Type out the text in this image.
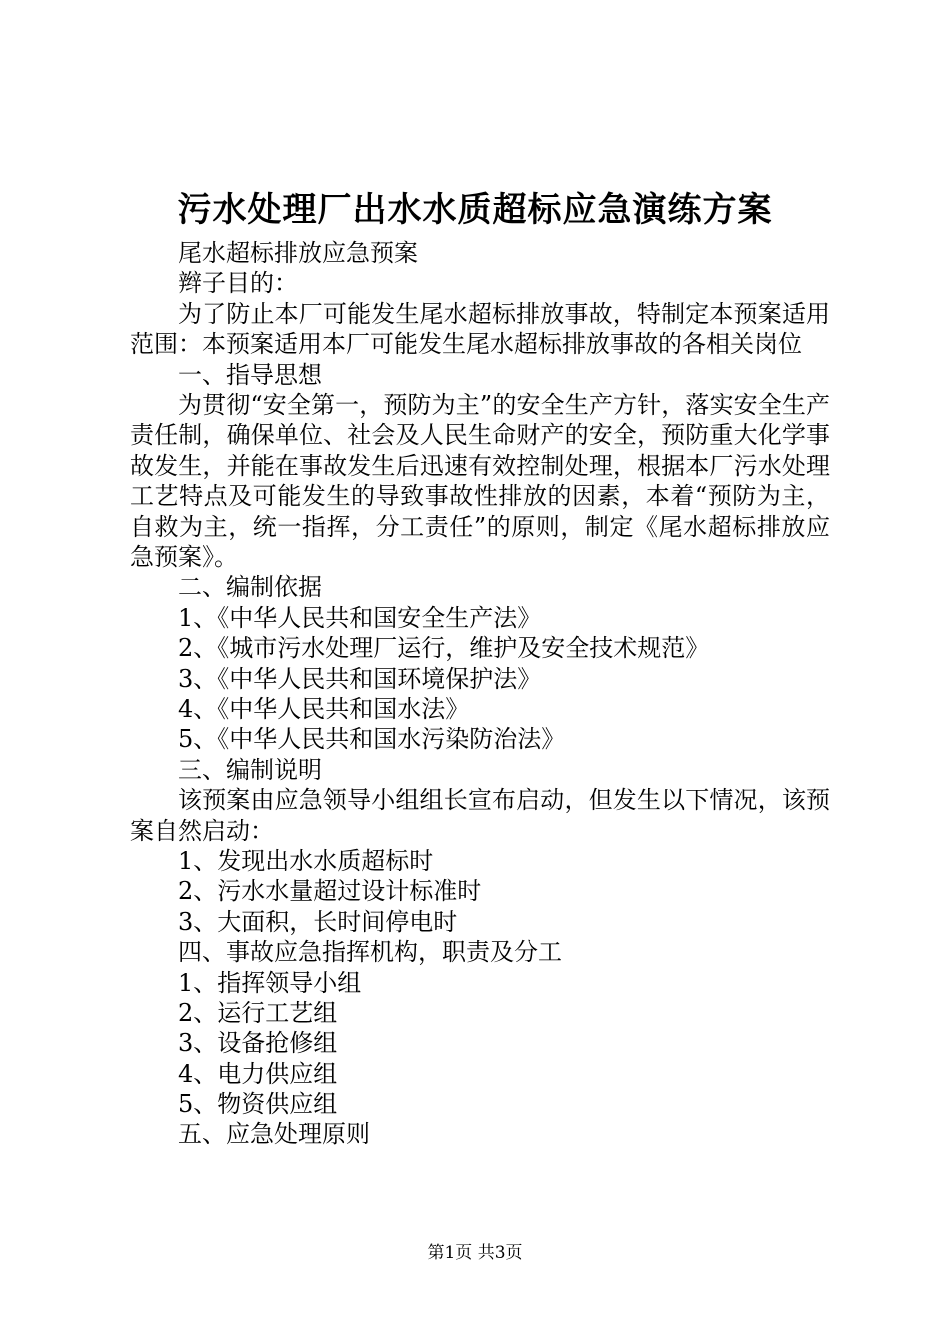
污水处理厂出水水质超标应急演练方案
尾水超标排放应急预案
辫子目的：
为了防止本厂可能发生尾水超标排放事故，特制定本预案适用范围：本预案适用本厂可能发生尾水超标排放事故的各相关岗位
一、指导思想
为贯彻“安全第一，预防为主”的安全生产方针，落实安全生产责任制，确保单位、社会及人民生命财产的安全，预防重大化学事故发生，并能在事故发生后迅速有效控制处理，根据本厂污水处理工艺特点及可能发生的导致事故性排放的因素，本着“预防为主，自救为主，统一指挥，分工责任”的原则，制定《尾水超标排放应急预案》。
二、编制依据
1、《中华人民共和国安全生产法》
2、《城市污水处理厂运行，维护及安全技术规范》
3、《中华人民共和国环境保护法》
4、《中华人民共和国水法》
5、《中华人民共和国水污染防治法》
三、编制说明
该预案由应急领导小组组长宣布启动，但发生以下情况，该预案自然启动：
1、发现出水水质超标时
2、污水水量超过设计标准时
3、大面积，长时间停电时
四、事故应急指挥机构，职责及分工
1、指挥领导小组
2、运行工艺组
3、设备抢修组
4、电力供应组
5、物资供应组
五、应急处理原则
第1页 共3页
